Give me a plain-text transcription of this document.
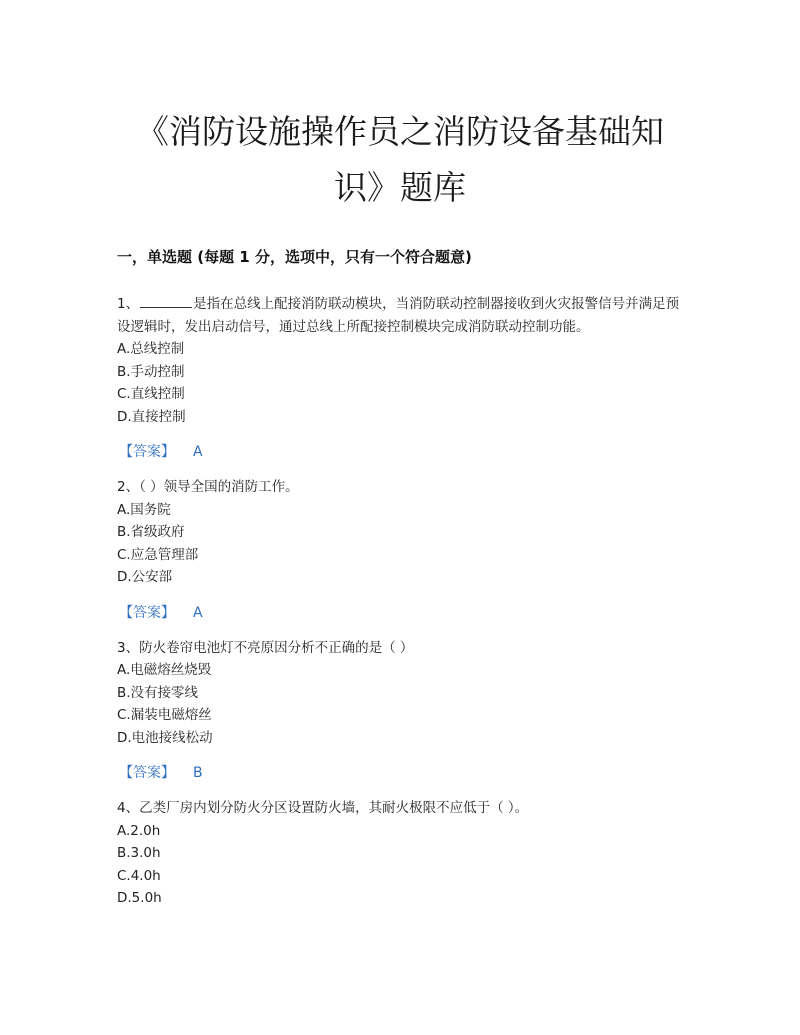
《消防设施操作员之消防设备基础知
识》题库
一，单选题 (每题 1 分，选项中，只有一个符合题意)
1、	是指在总线上配接消防联动模块，当消防联动控制器接收到火灾报警信号并满足预设逻辑时，发出启动信号，通过总线上所配接控制模块完成消防联动控制功能。
A.总线控制
B.手动控制
C.直线控制
D.直接控制
【答案】 A
2、（ ）领导全国的消防工作。
A.国务院
B.省级政府
C.应急管理部
D.公安部
【答案】 A
3、防火卷帘电池灯不亮原因分析不正确的是（ ）
A.电磁熔丝烧毁
B.没有接零线
C.漏装电磁熔丝
D.电池接线松动
【答案】 B
4、乙类厂房内划分防火分区设置防火墙，其耐火极限不应低于（ ）。
A.2.0h
B.3.0h
C.4.0h
D.5.0h
